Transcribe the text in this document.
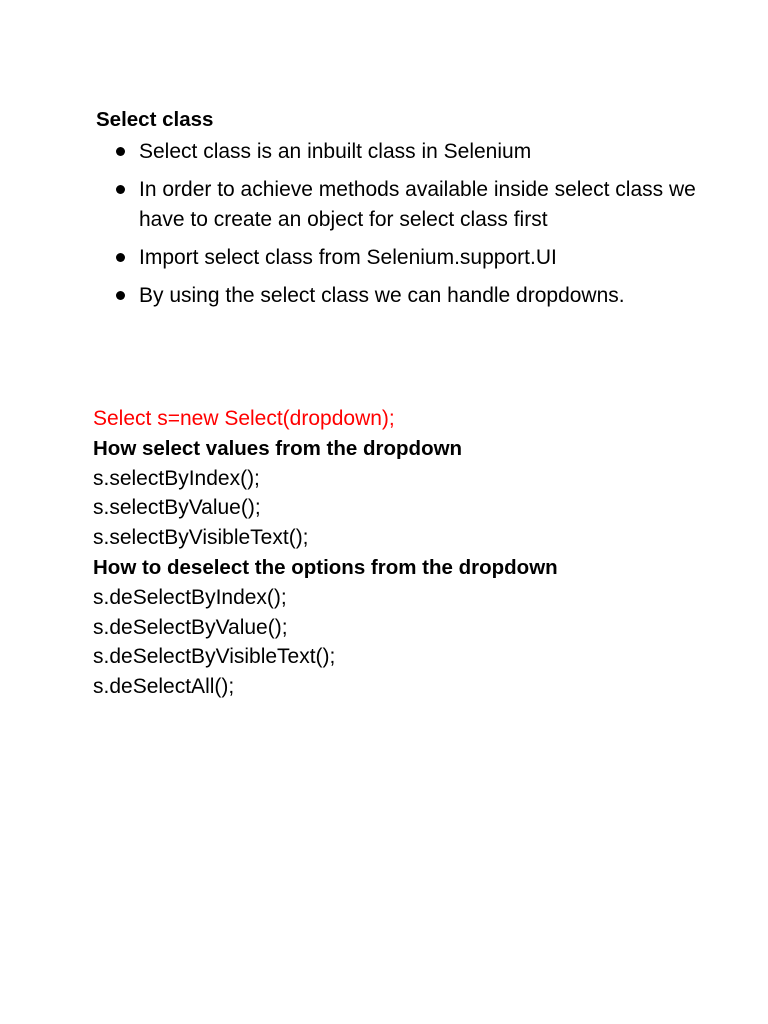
Select class
Select class is an inbuilt class in Selenium
In order to achieve methods available inside select class we have to create an object for select class first
Import select class from Selenium.support.UI
By using the select class we can handle dropdowns.
Select s=new Select(dropdown);
How select values from the dropdown
s.selectByIndex();
s.selectByValue();
s.selectByVisibleText();
How to deselect the options from the dropdown
s.deSelectByIndex();
s.deSelectByValue();
s.deSelectByVisibleText();
s.deSelectAll();
